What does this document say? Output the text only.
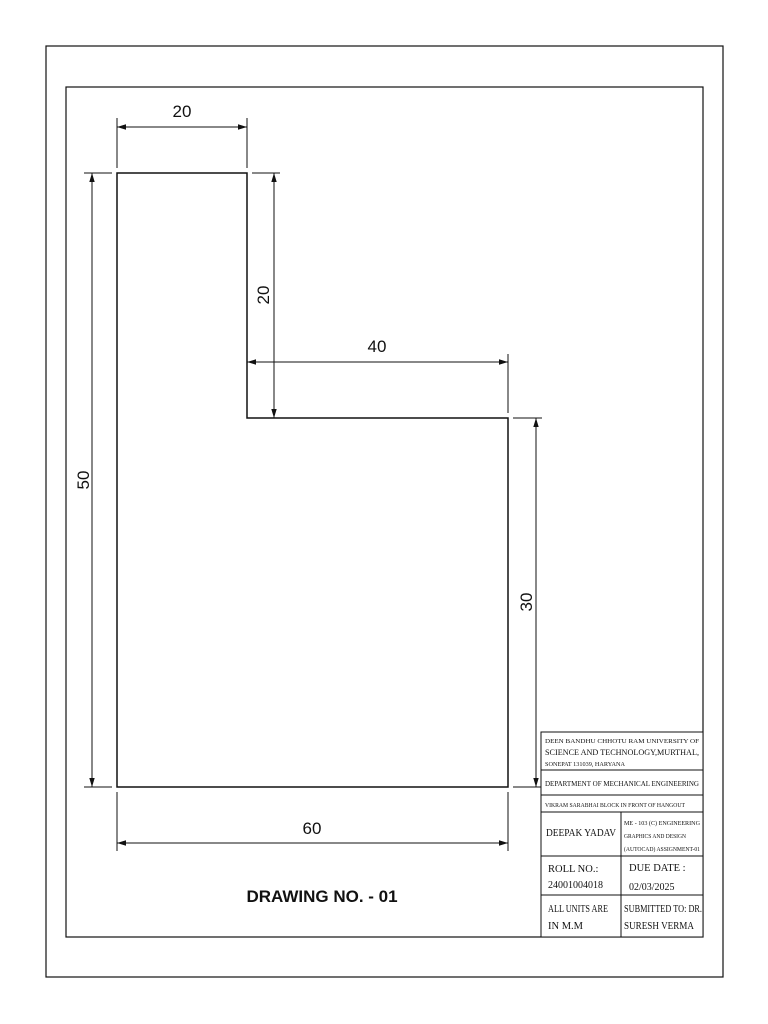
20
20
40
50
30
60
DRAWING NO. - 01
DEEN BANDHU CHHOTU RAM UNIVERSITY OF
SCIENCE AND TECHNOLOGY,MURTHAL,
SONEPAT 131039, HARYANA
DEPARTMENT OF MECHANICAL ENGINEERING
VIKRAM SARABHAI BLOCK IN FRONT OF HANGOUT
DEEPAK YADAV
ME - 103 (C) ENGINEERING
GRAPHICS AND DESIGN
(AUTOCAD) ASSIGNMENT-01
ROLL NO.:
24001004018
DUE DATE :
02/03/2025
ALL UNITS ARE
IN M.M
SUBMITTED TO: DR.
SURESH VERMA
